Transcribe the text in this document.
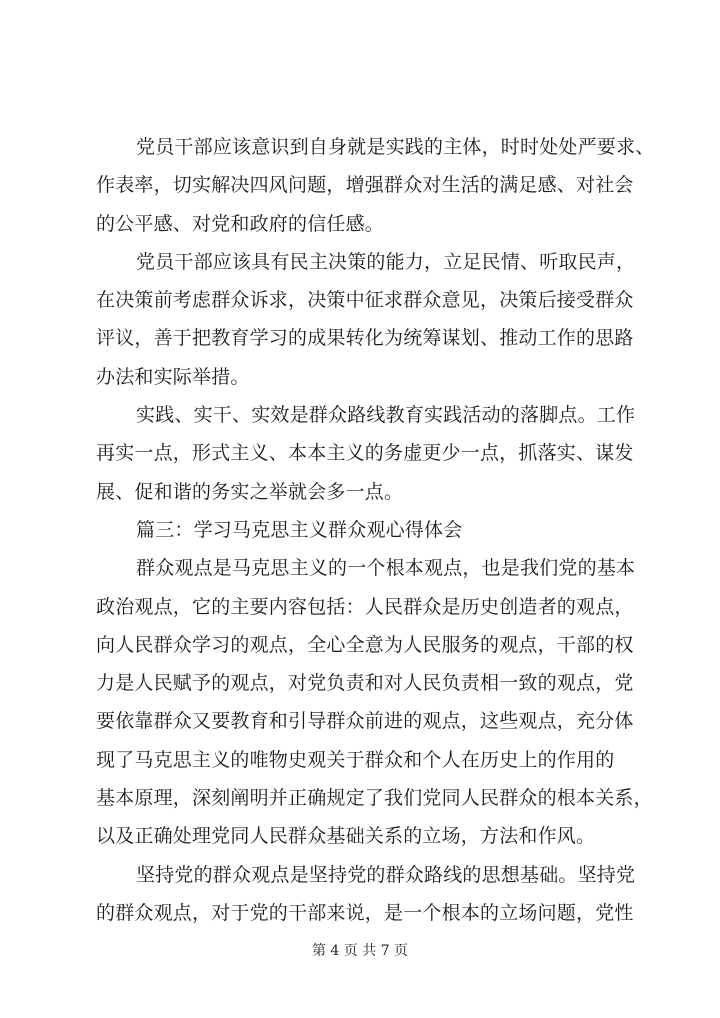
党员干部应该意识到自身就是实践的主体，时时处处严要求、
作表率，切实解决四风问题，增强群众对生活的满足感、对社会
的公平感、对党和政府的信任感。
党员干部应该具有民主决策的能力，立足民情、听取民声，
在决策前考虑群众诉求，决策中征求群众意见，决策后接受群众
评议，善于把教育学习的成果转化为统筹谋划、推动工作的思路
办法和实际举措。
实践、实干、实效是群众路线教育实践活动的落脚点。工作
再实一点，形式主义、本本主义的务虚更少一点，抓落实、谋发
展、促和谐的务实之举就会多一点。
篇三：学习马克思主义群众观心得体会
群众观点是马克思主义的一个根本观点，也是我们党的基本
政治观点，它的主要内容包括：人民群众是历史创造者的观点，
向人民群众学习的观点，全心全意为人民服务的观点，干部的权
力是人民赋予的观点，对党负责和对人民负责相一致的观点，党
要依靠群众又要教育和引导群众前进的观点，这些观点，充分体
现了马克思主义的唯物史观关于群众和个人在历史上的作用的
基本原理，深刻阐明并正确规定了我们党同人民群众的根本关系，
以及正确处理党同人民群众基础关系的立场，方法和作风。
坚持党的群众观点是坚持党的群众路线的思想基础。坚持党
的群众观点，对于党的干部来说，是一个根本的立场问题，党性
第 4 页 共 7 页
